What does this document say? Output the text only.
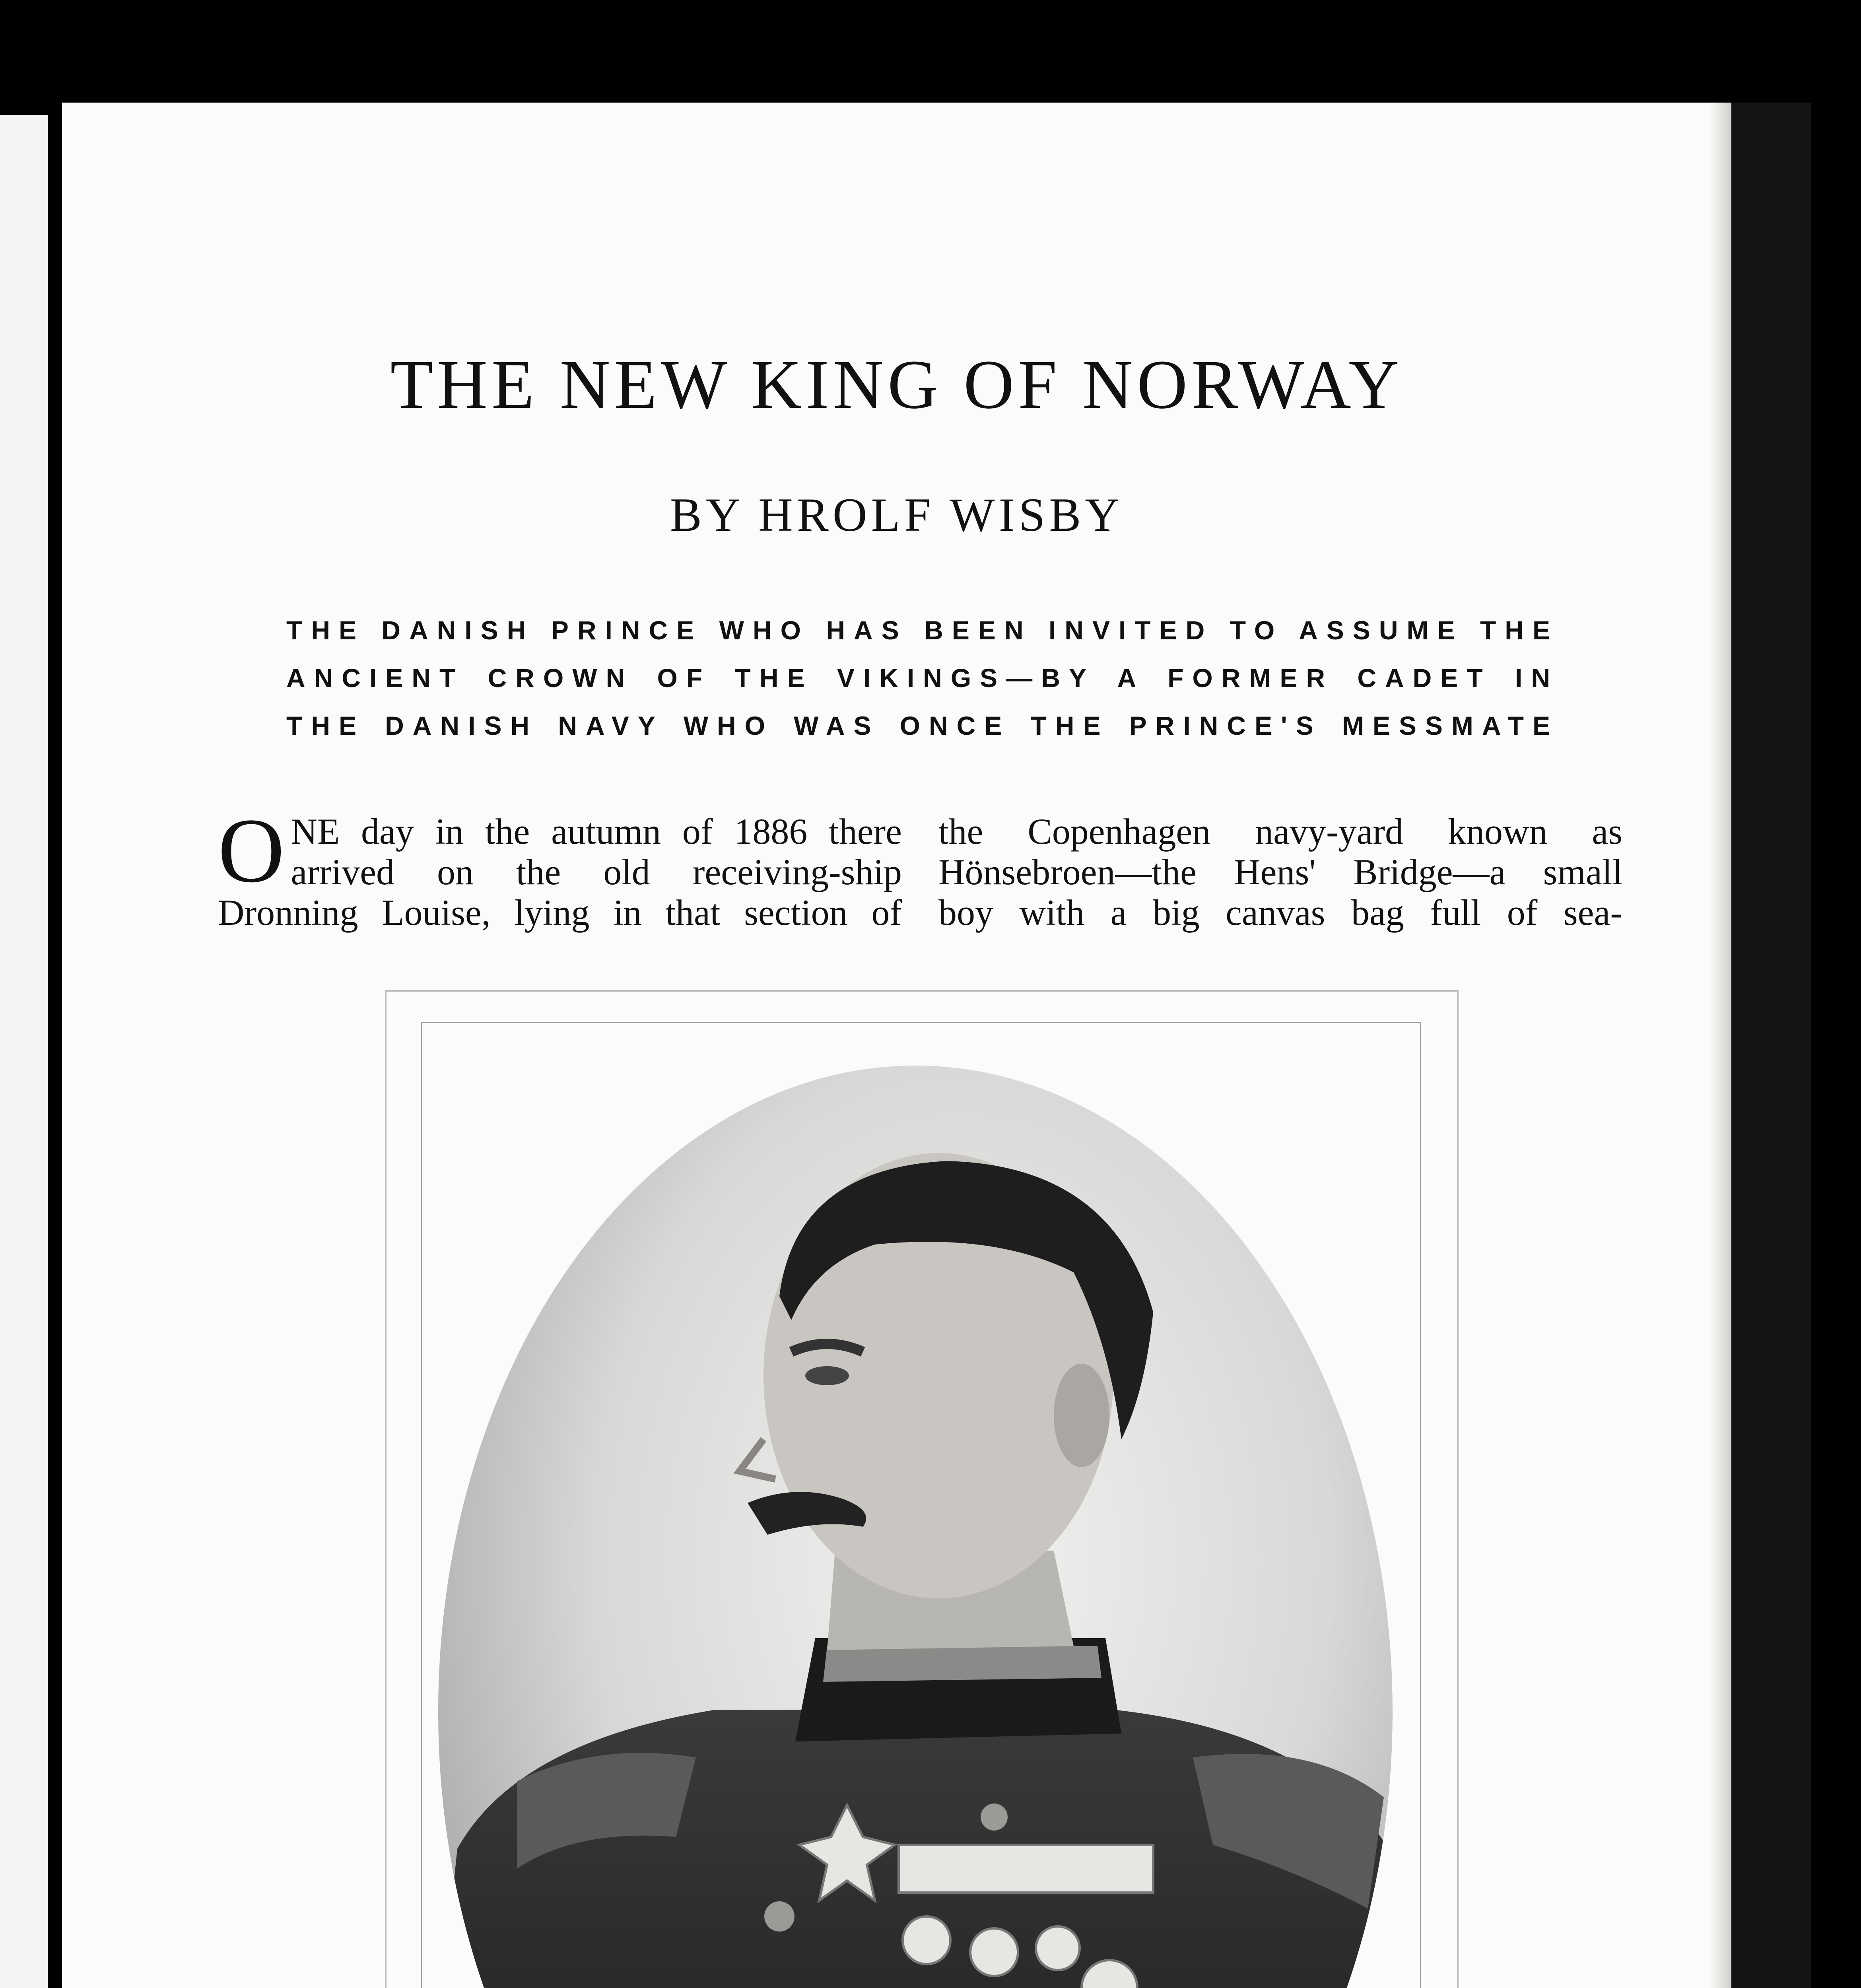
THE NEW KING OF NORWAY
BY HROLF WISBY
THE DANISH PRINCE WHO HAS BEEN INVITED TO ASSUME THE
ANCIENT CROWN OF THE VIKINGS—BY A FORMER CADET IN
THE DANISH NAVY WHO WAS ONCE THE PRINCE'S MESSMATE
O NE day in the autumn of 1886 there
arrived on the old receiving-ship
Dronning Louise, lying in that section of
the Copenhagen navy-yard known as
Hönsebroen—the Hens' Bridge—a small
boy with a big canvas bag full of sea-
